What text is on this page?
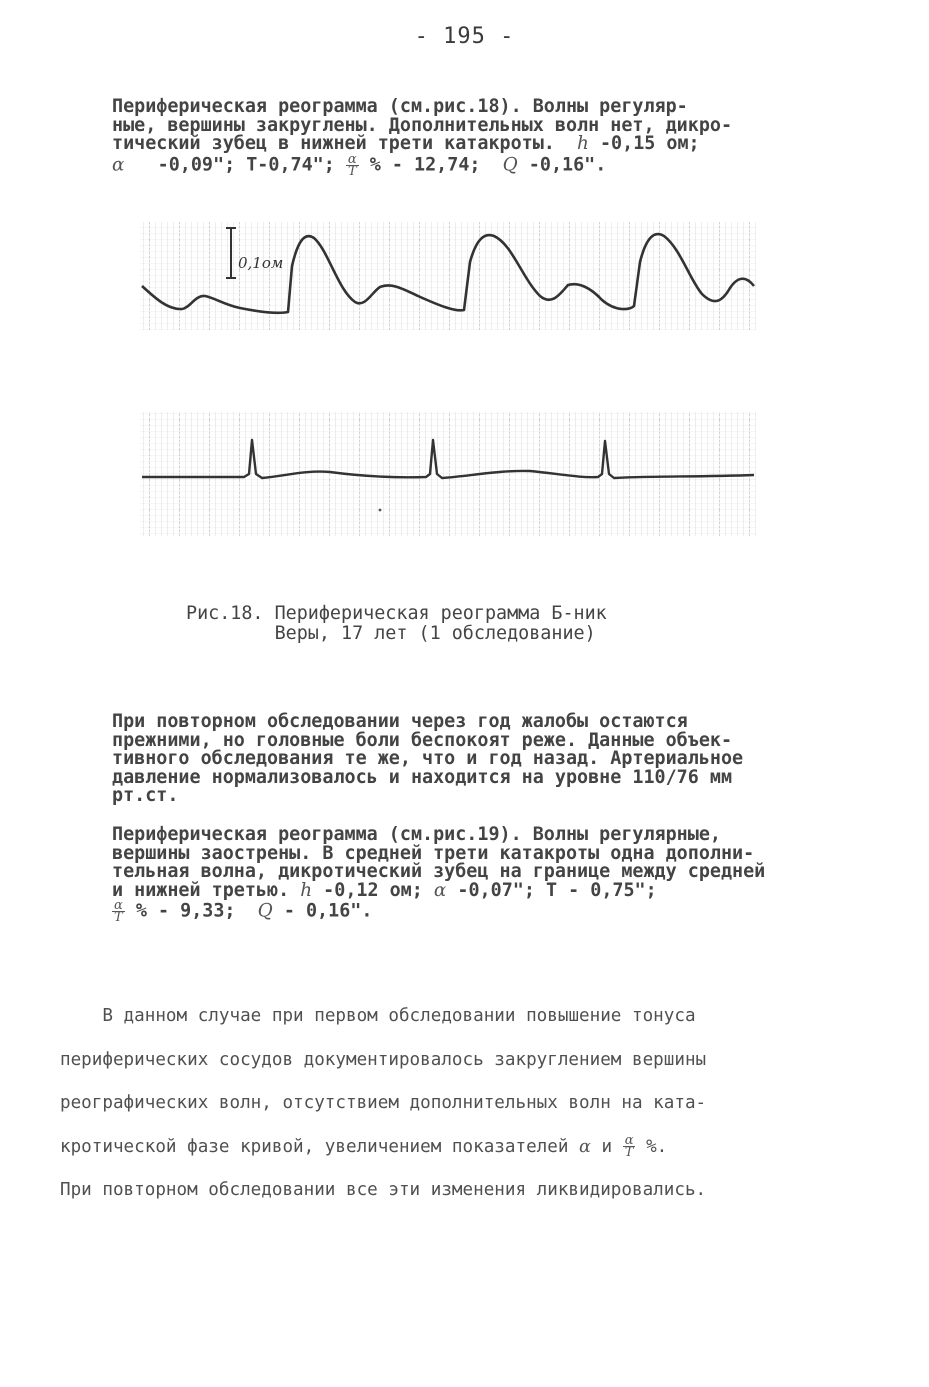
- 195 -

Периферическая реограмма (см.рис.18). Волны регуляр-
ные, вершины закруглены. Дополнительных волн нет, дикро-
тический зубец в нижней трети катакроты. h -0,15 ом;
α -0,09"; T-0,74"; $\frac{\alpha}{T}$ % - 12,74; Q -0,16".

0,1ом

Рис.18. Периферическая реограмма Б-ник
Веры, 17 лет (1 обследование)

При повторном обследовании через год жалобы остаются
прежними, но головные боли беспокоят реже. Данные объек-
тивного обследования те же, что и год назад. Артериальное
давление нормализовалось и находится на уровне 110/76 мм
рт.ст.

Периферическая реограмма (см.рис.19). Волны регулярные,
вершины заострены. В средней трети катакроты одна дополни-
тельная волна, дикротический зубец на границе между средней
и нижней третью. h -0,12 ом; α -0,07"; T - 0,75";

$\frac{\alpha}{T}$ % - 9,33; Q - 0,16".

В данном случае при первом обследовании повышение тонуса
периферических сосудов документировалось закруглением вершины
реографических волн, отсутствием дополнительных волн на ката-
кротической фазе кривой, увеличением показателей α и $\frac{\alpha}{T}$ %.
При повторном обследовании все эти изменения ликвидировались.
